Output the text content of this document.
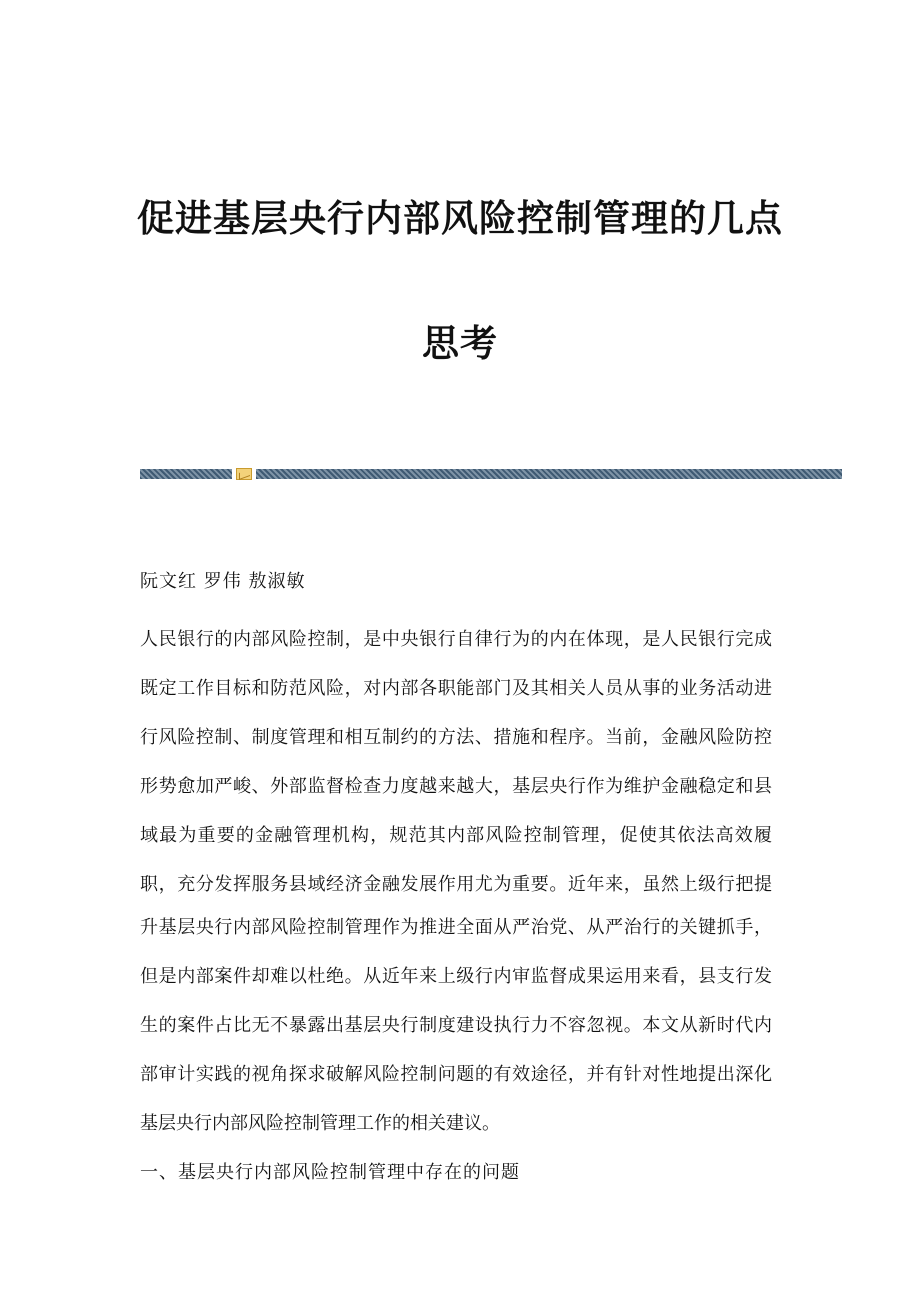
促进基层央行内部风险控制管理的几点
思考
阮文红 罗伟 敖淑敏
人民银行的内部风险控制，是中央银行自律行为的内在体现，是人民银行完成
既定工作目标和防范风险，对内部各职能部门及其相关人员从事的业务活动进
行风险控制、制度管理和相互制约的方法、措施和程序。当前，金融风险防控
形势愈加严峻、外部监督检查力度越来越大，基层央行作为维护金融稳定和县
域最为重要的金融管理机构，规范其内部风险控制管理，促使其依法高效履
职，充分发挥服务县域经济金融发展作用尤为重要。近年来，虽然上级行把提
升基层央行内部风险控制管理作为推进全面从严治党、从严治行的关键抓手，
但是内部案件却难以杜绝。从近年来上级行内审监督成果运用来看，县支行发
生的案件占比无不暴露出基层央行制度建设执行力不容忽视。本文从新时代内
部审计实践的视角探求破解风险控制问题的有效途径，并有针对性地提出深化
基层央行内部风险控制管理工作的相关建议。
一、基层央行内部风险控制管理中存在的问题
